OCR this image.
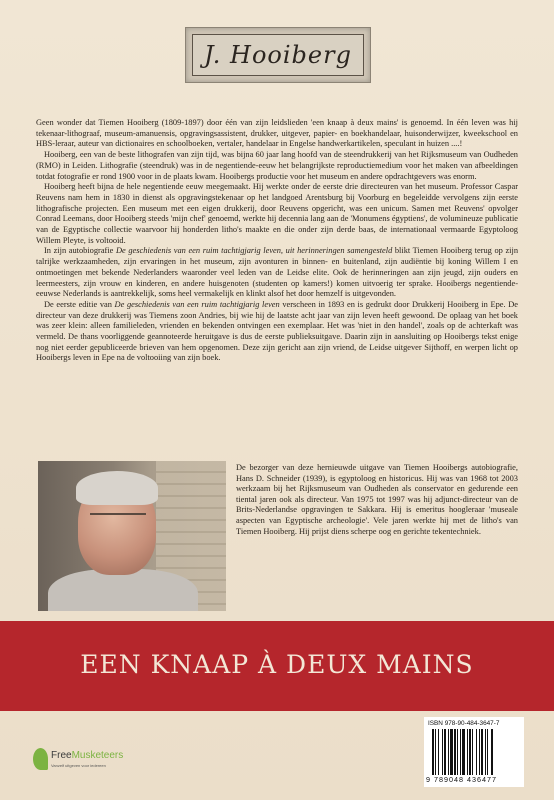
J. Hooiberg

Geen wonder dat Tiemen Hooiberg (1809-1897) door één van zijn leidslieden 'een knaap à deux mains' is genoemd. In één leven was hij tekenaar-lithograaf, museum-amanuensis, opgravingsassistent, drukker, uitgever, papier- en boekhandelaar, huisonderwijzer, kweekschool en HBS-leraar, auteur van dictionaires en schoolboeken, vertaler, handelaar in Engelse handwerkartikelen, speculant in huizen ....!

Hooiberg, een van de beste lithografen van zijn tijd, was bijna 60 jaar lang hoofd van de steendrukkerij van het Rijksmuseum van Oudheden (RMO) in Leiden. Lithografie (steendruk) was in de negentiende-eeuw het belangrijkste reproductiemedium voor het maken van afbeeldingen totdat fotografie er rond 1900 voor in de plaats kwam. Hooibergs productie voor het museum en andere opdrachtgevers was enorm.

Hooiberg heeft bijna de hele negentiende eeuw meegemaakt. Hij werkte onder de eerste drie directeuren van het museum. Professor Caspar Reuvens nam hem in 1830 in dienst als opgravingstekenaar op het landgoed Arentsburg bij Voorburg en begeleidde vervolgens zijn eerste lithografische projecten. Een museum met een eigen drukkerij, door Reuvens opgericht, was een unicum. Samen met Reuvens' opvolger Conrad Leemans, door Hooiberg steeds 'mijn chef' genoemd, werkte hij decennia lang aan de 'Monumens égyptiens', de volumineuze publicatie van de Egyptische collectie waarvoor hij honderden litho's maakte en die onder zijn derde baas, de internationaal vermaarde Egyptoloog Willem Pleyte, is voltooid.

In zijn autobiografie De geschiedenis van een ruim tachtigjarig leven, uit herinneringen samengesteld blikt Tiemen Hooiberg terug op zijn talrijke werkzaamheden, zijn ervaringen in het museum, zijn avonturen in binnen- en buitenland, zijn audiëntie bij koning Willem I en ontmoetingen met bekende Nederlanders waaronder veel leden van de Leidse elite. Ook de herinneringen aan zijn jeugd, zijn ouders en leermeesters, zijn vrouw en kinderen, en andere huisgenoten (studenten op kamers!) komen uitvoerig ter sprake. Hooibergs negentiende-eeuwse Nederlands is aantrekkelijk, soms heel vermakelijk en klinkt alsof het door hemzelf is uitgevonden.

De eerste editie van De geschiedenis van een ruim tachtigjarig leven verscheen in 1893 en is gedrukt door Drukkerij Hooiberg in Epe. De directeur van deze drukkerij was Tiemens zoon Andries, bij wie hij de laatste acht jaar van zijn leven heeft gewoond. De oplaag van het boek was zeer klein: alleen familieleden, vrienden en bekenden ontvingen een exemplaar. Het was 'niet in den handel', zoals op de achterkaft was vermeld. De thans voorliggende geannoteerde heruitgave is dus de eerste publieksuitgave. Daarin zijn in aansluiting op Hooibergs tekst enige nog niet eerder gepubliceerde brieven van hem opgenomen. Deze zijn gericht aan zijn vriend, de Leidse uitgever Sijthoff, en werpen licht op Hooibergs leven in Epe na de voltooiing van zijn boek.

De bezorger van deze hernieuwde uitgave van Tiemen Hooibergs autobiografie, Hans D. Schneider (1939), is egyptoloog en historicus. Hij was van 1968 tot 2003 werkzaam bij het Rijksmuseum van Oudheden als conservator en gedurende een tiental jaren ook als directeur. Van 1975 tot 1997 was hij adjunct-directeur van de Brits-Nederlandse opgravingen te Sakkara. Hij is emeritus hoogleraar 'museale aspecten van Egyptische archeologie'. Vele jaren werkte hij met de litho's van Tiemen Hooiberg. Hij prijst diens scherpe oog en gerichte tekentechniek.

EEN KNAAP À DEUX MAINS
FreeMusketeers
Vanzelf uitgeven voor iedereen
ISBN 978-90-484-3647-7
9 789048 436477
